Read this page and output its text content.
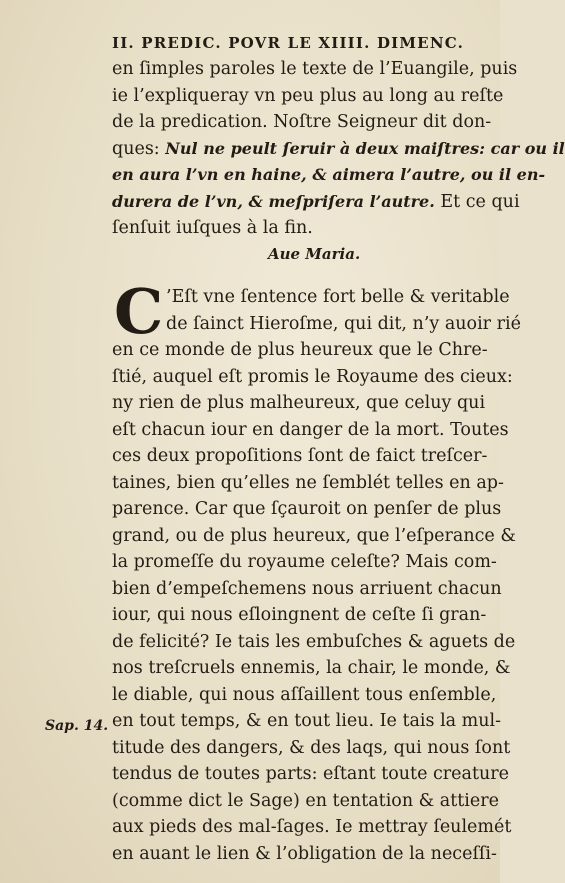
II. PREDIC. POVR LE XIIII. DIMENC.
en ſimples paroles le texte de l’Euangile, puis
ie l’expliqueray vn peu plus au long au reſte
de la predication. Noſtre Seigneur dit don-
ques: Nul ne peult ſeruir à deux maiſtres: car ou il
en aura l’vn en haine, & aimera l’autre, ou il en-
durera de l’vn, & meſpriſera l’autre. Et ce qui
ſenſuit iuſques à la fin.
Aue Maria.
C ’Eſt vne ſentence fort belle & veritable
de ſainct Hieroſme, qui dit, n’y auoir rié
en ce monde de plus heureux que le Chre-
ſtié, auquel eſt promis le Royaume des cieux:
ny rien de plus malheureux, que celuy qui
eſt chacun iour en danger de la mort. Toutes
ces deux propoſitions ſont de faict treſcer-
taines, bien qu’elles ne ſemblét telles en ap-
parence. Car que ſçauroit on penſer de plus
grand, ou de plus heureux, que l’eſperance &
la promeſſe du royaume celeſte? Mais com-
bien d’empeſchemens nous arriuent chacun
iour, qui nous eſloingnent de ceſte ſi gran-
de felicité? Ie tais les embuſches & aguets de
nos treſcruels ennemis, la chair, le monde, &
le diable, qui nous aſſaillent tous enſemble,
en tout temps, & en tout lieu. Ie tais la mul-
titude des dangers, & des laqs, qui nous ſont
tendus de toutes parts: eſtant toute creature
(comme dict le Sage) en tentation & attiere
aux pieds des mal-ſages. Ie mettray ſeulemét
en auant le lien & l’obligation de la neceſſi-
Sap. 14.
